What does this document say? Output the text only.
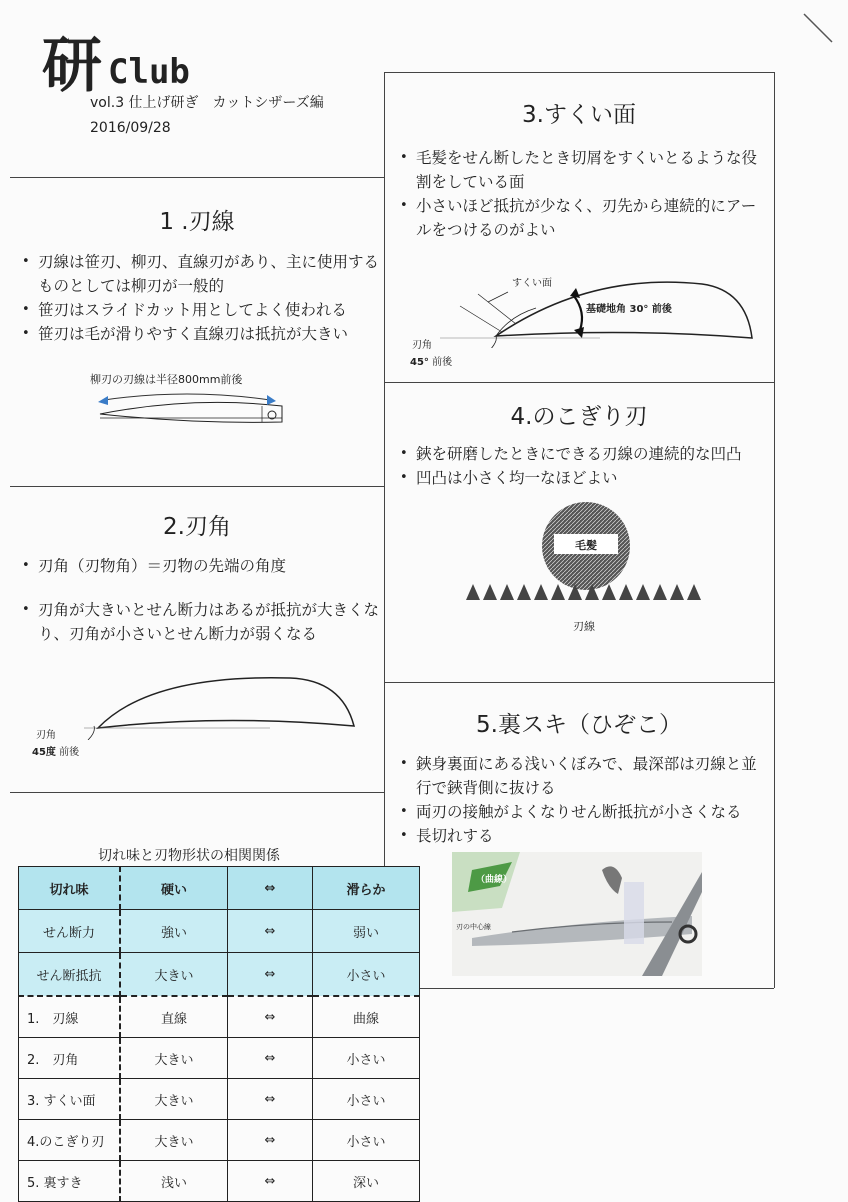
研 Club
vol.3 仕上げ研ぎ　カットシザーズ編
2016/09/28
1 .刃線
• 刃線は笹刃、柳刃、直線刃があり、主に使用するものとしては柳刃が一般的
• 笹刃はスライドカット用としてよく使われる
• 笹刃は毛が滑りやすく直線刃は抵抗が大きい
柳刃の刃線は半径800mm前後
2.刃角
• 刃角（刃物角）＝刃物の先端の角度
• 刃角が大きいとせん断力はあるが抵抗が大きくなり、刃角が小さいとせん断力が弱くなる
刃角
45度 前後
3.すくい面
• 毛髪をせん断したとき切屑をすくいとるような役割をしている面
• 小さいほど抵抗が少なく、刃先から連続的にアールをつけるのがよい
すくい面
基礎地角 30° 前後
刃角
45° 前後
4.のこぎり刃
• 鋏を研磨したときにできる刃線の連続的な凹凸
• 凹凸は小さく均一なほどよい
毛髪
刃線
5.裏スキ（ひぞこ）
• 鋏身裏面にある浅いくぼみで、最深部は刃線と並行で鋏背側に抜ける
• 両刃の接触がよくなりせん断抵抗が小さくなる
• 長切れする
（曲線）
刃の中心線
切れ味と刃物形状の相関関係
切れ味	硬い	⇔	滑らか
せん断力	強い	⇔	弱い
せん断抵抗	大きい	⇔	小さい
1.　刃線	直線	⇔	曲線
2.　刃角	大きい	⇔	小さい
3. すくい面	大きい	⇔	小さい
4.のこぎり刃	大きい	⇔	小さい
5. 裏すき	浅い	⇔	深い
